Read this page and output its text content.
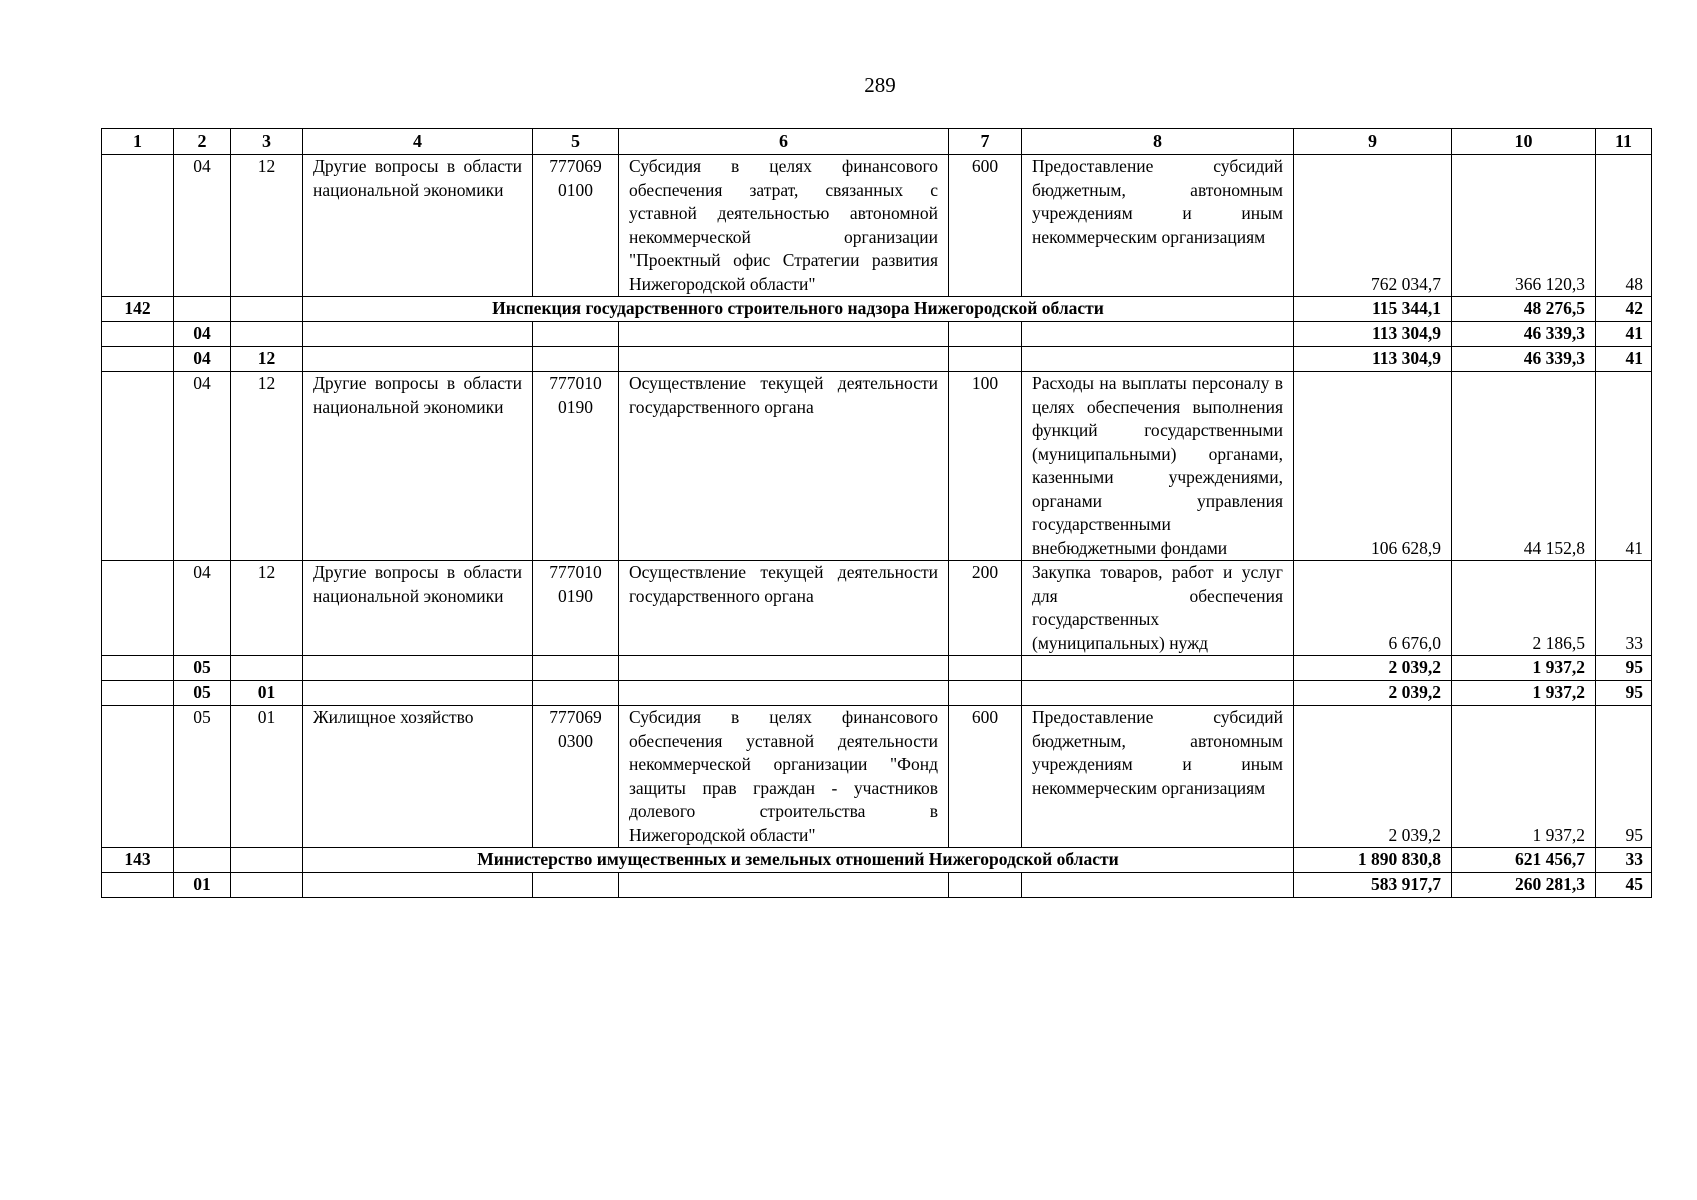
289
1	2	3	4	5	6	7	8	9	10	11
	04	12	Другие вопросы в области национальной экономики	777069 0100	Субсидия в целях финансового обеспечения затрат, связанных с уставной деятельностью автономной некоммерческой организации "Проектный офис Стратегии развития Нижегородской области"	600	Предоставление субсидий бюджетным, автономным учреждениям и иным некоммерческим организациям	762 034,7	366 120,3	48
142			Инспекция государственного строительного надзора Нижегородской области					115 344,1	48 276,5	42
	04							113 304,9	46 339,3	41
	04	12						113 304,9	46 339,3	41
	04	12	Другие вопросы в области национальной экономики	777010 0190	Осуществление текущей деятельности государственного органа	100	Расходы на выплаты персоналу в целях обеспечения выполнения функций государственными (муниципальными) органами, казенными учреждениями, органами управления государственными внебюджетными фондами	106 628,9	44 152,8	41
	04	12	Другие вопросы в области национальной экономики	777010 0190	Осуществление текущей деятельности государственного органа	200	Закупка товаров, работ и услуг для обеспечения государственных (муниципальных) нужд	6 676,0	2 186,5	33
	05							2 039,2	1 937,2	95
	05	01						2 039,2	1 937,2	95
	05	01	Жилищное хозяйство	777069 0300	Субсидия в целях финансового обеспечения уставной деятельности некоммерческой организации "Фонд защиты прав граждан - участников долевого строительства в Нижегородской области"	600	Предоставление субсидий бюджетным, автономным учреждениям и иным некоммерческим организациям	2 039,2	1 937,2	95
143			Министерство имущественных и земельных отношений Нижегородской области					1 890 830,8	621 456,7	33
	01							583 917,7	260 281,3	45
